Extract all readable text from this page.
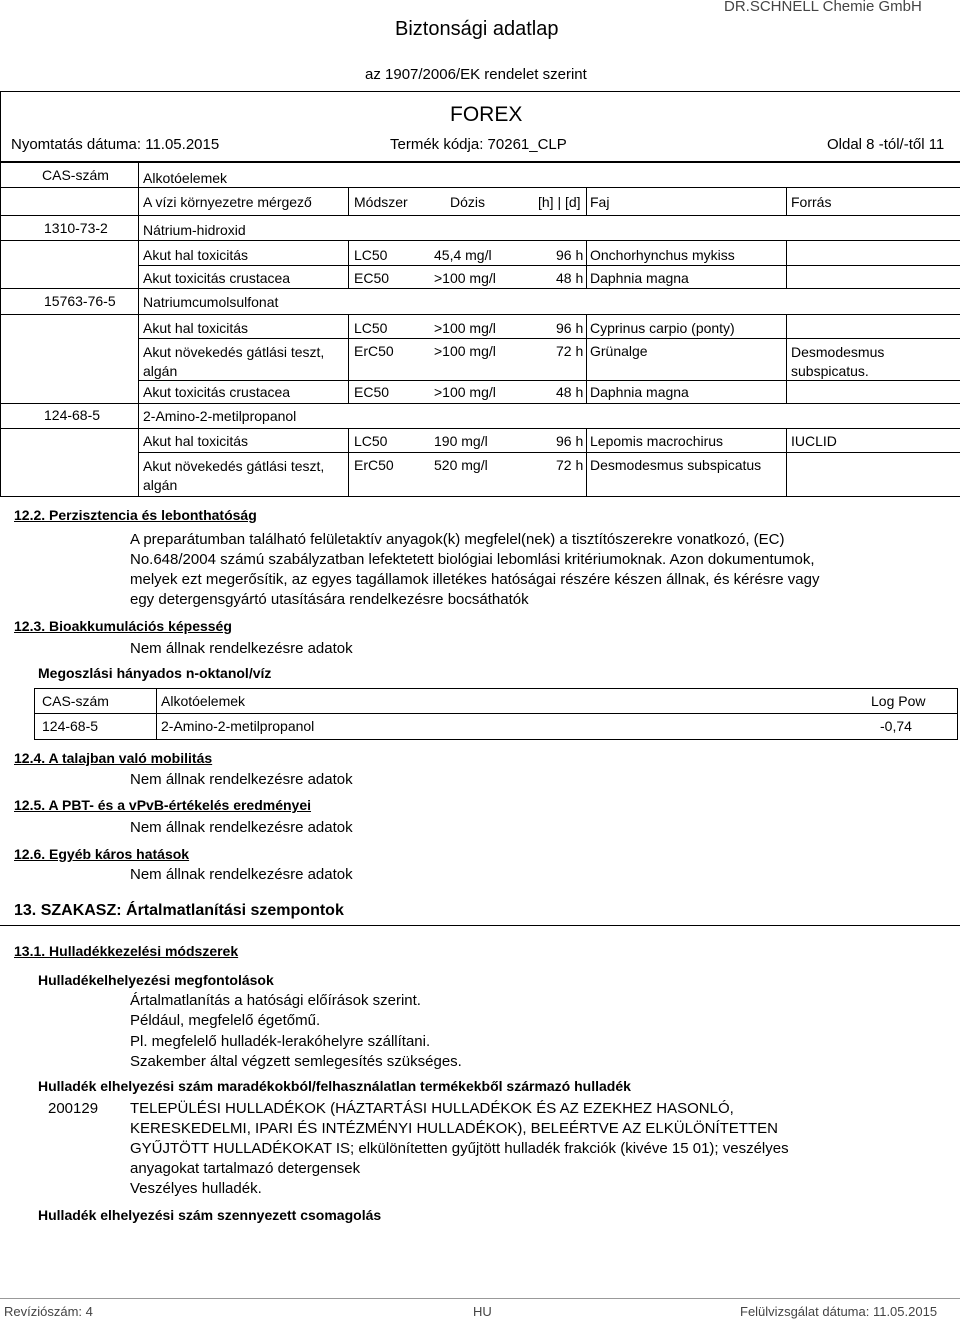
Biztonsági adatlap
DR.SCHNELL Chemie GmbH
az 1907/2006/EK rendelet szerint
FOREX
Nyomtatás dátuma: 11.05.2015	Termék kódja: 70261_CLP	Oldal 8 -tól/-től 11
CAS-szám Alkotóelemek
A vízi környezetre mérgező	Módszer	Dózis	[h] | [d] Faj	Forrás
1310-73-2	Nátrium-hidroxid
Akut hal toxicitás	LC50	45,4 mg/l	96 h Onchorhynchus mykiss
Akut toxicitás crustacea	EC50	>100 mg/l	48 h Daphnia magna
15763-76-5 Natriumcumolsulfonat
Akut hal toxicitás	LC50	>100 mg/l	96 h Cyprinus carpio (ponty)
Akut növekedés gátlási teszt, algán
ErC50	>100 mg/l	72 h Grünalge	Desmodesmus subspicatus.
Akut toxicitás crustacea	EC50	>100 mg/l	48 h Daphnia magna
124-68-5	2-Amino-2-metilpropanol
Akut hal toxicitás	LC50	190 mg/l	96 h Lepomis macrochirus	IUCLID
Akut növekedés gátlási teszt, algán
ErC50	520 mg/l	72 h Desmodesmus subspicatus
12.2. Perzisztencia és lebonthatóság
A preparátumban található felületaktív anyagok(k) megfelel(nek) a tisztítószerekre vonatkozó, (EC) No.648/2004 számú szabályzatban lefektetett biológiai lebomlási kritériumoknak. Azon dokumentumok, melyek ezt megerősítik, az egyes tagállamok illetékes hatóságai részére készen állnak, és kérésre vagy egy detergensgyártó utasítására rendelkezésre bocsáthatók
12.3. Bioakkumulációs képesség
Nem állnak rendelkezésre adatok
Megoszlási hányados n-oktanol/víz
CAS-szám	Alkotóelemek	Log Pow
124-68-5	2-Amino-2-metilpropanol	-0,74
12.4. A talajban való mobilitás
Nem állnak rendelkezésre adatok
12.5. A PBT- és a vPvB-értékelés eredményei
Nem állnak rendelkezésre adatok
12.6. Egyéb káros hatások
Nem állnak rendelkezésre adatok
13. SZAKASZ: Ártalmatlanítási szempontok
13.1. Hulladékkezelési módszerek
Hulladékelhelyezési megfontolások
Ártalmatlanítás a hatósági előírások szerint.
Például, megfelelő égetőmű.
Pl. megfelelő hulladék-lerakóhelyre szállítani.
Szakember által végzett semlegesítés szükséges.
Hulladék elhelyezési szám maradékokból/felhasználatlan termékekből származó hulladék
200129 TELEPÜLÉSI HULLADÉKOK (HÁZTARTÁSI HULLADÉKOK ÉS AZ EZEKHEZ HASONLÓ, KERESKEDELMI, IPARI ÉS INTÉZMÉNYI HULLADÉKOK), BELEÉRTVE AZ ELKÜLÖNÍTETTEN GYŰJTÖTT HULLADÉKOKAT IS; elkülönítetten gyűjtött hulladék frakciók (kivéve 15 01); veszélyes anyagokat tartalmazó detergensek
Veszélyes hulladék.
Hulladék elhelyezési szám szennyezett csomagolás
Revíziószám: 4	HU	Felülvizsgálat dátuma: 11.05.2015
